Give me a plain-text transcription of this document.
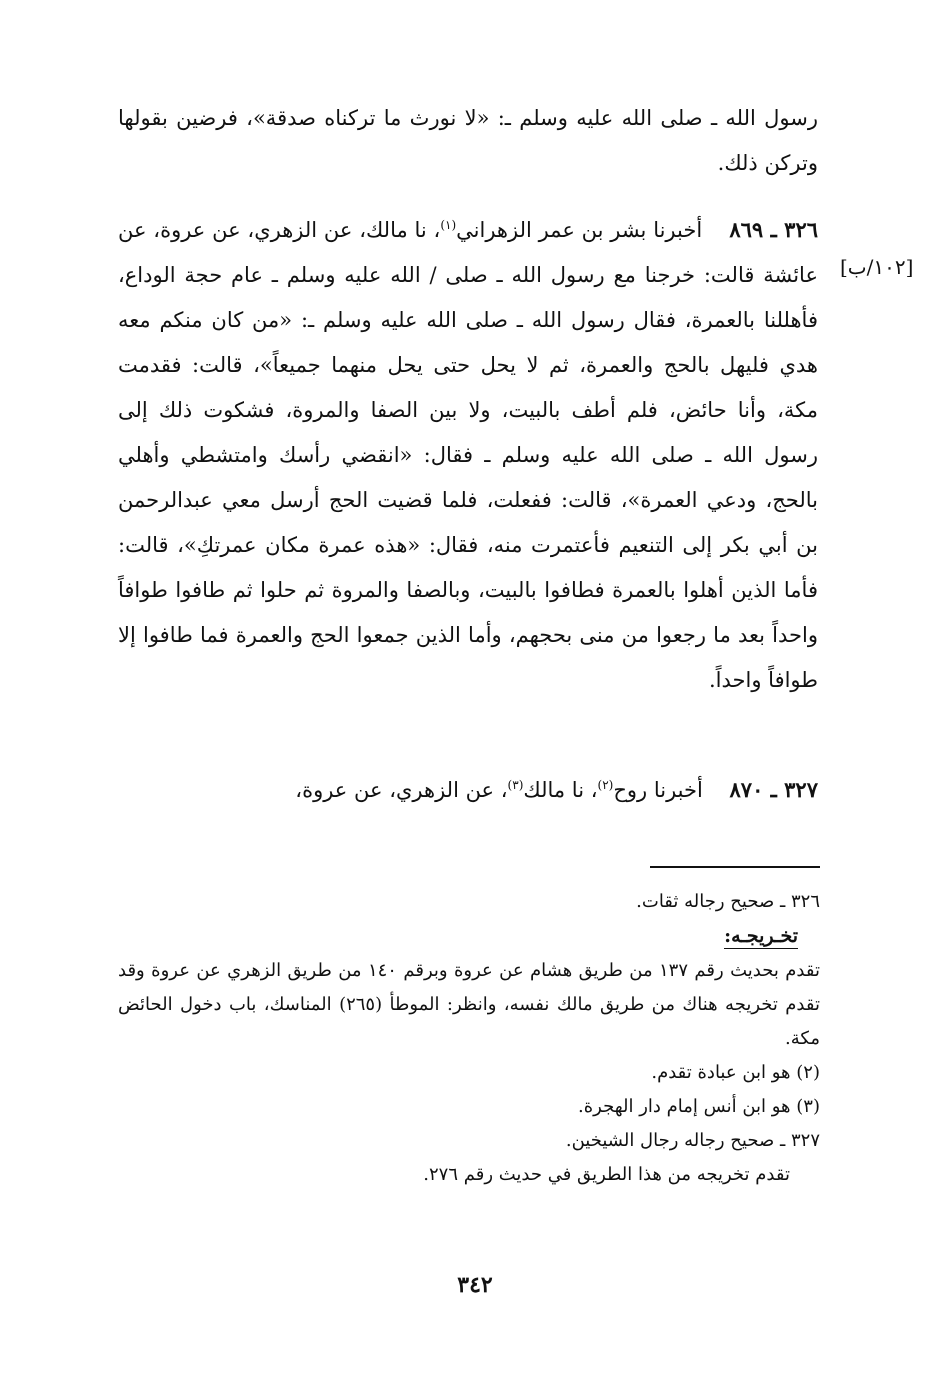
[١٠٢/ب]

رسول الله ـ صلى الله عليه وسلم ـ: «لا نورث ما تركناه صدقة»، فرضين بقولها وتركن ذلك.

٣٢٦ ـ ٨٦٩    أخبرنا بشر بن عمر الزهراني$^{(١)}$، نا مالك، عن الزهري، عن عروة، عن عائشة قالت: خرجنا مع رسول الله ـ صلى / الله عليه وسلم ـ عام حجة الوداع، فأهللنا بالعمرة، فقال رسول الله ـ صلى الله عليه وسلم ـ: «من كان منكم معه هدي فليهل بالحج والعمرة، ثم لا يحل حتى يحل منهما جميعاً»، قالت: فقدمت مكة، وأنا حائض، فلم أطف بالبيت، ولا بين الصفا والمروة، فشكوت ذلك إلى رسول الله ـ صلى الله عليه وسلم ـ فقال: «انقضي رأسك وامتشطي وأهلي بالحج، ودعي العمرة»، قالت: ففعلت، فلما قضيت الحج أرسل معي عبدالرحمن بن أبي بكر إلى التنعيم فأعتمرت منه، فقال: «هذه عمرة مكان عمرتكِ»، قالت: فأما الذين أهلوا بالعمرة فطافوا بالبيت، وبالصفا والمروة ثم حلوا ثم طافوا طوافاً واحداً بعد ما رجعوا من منى بحجهم، وأما الذين جمعوا الحج والعمرة فما طافوا إلا طوافاً واحداً.

٣٢٧ ـ ٨٧٠    أخبرنا روح$^{(٢)}$، نا مالك$^{(٣)}$، عن الزهري، عن عروة،

٣٢٦ ـ صحيح رجاله ثقات.

تخـريجـه:

تقدم بحديث رقم ١٣٧ من طريق هشام عن عروة وبرقم ١٤٠ من طريق الزهري عن عروة وقد تقدم تخريجه هناك من طريق مالك نفسه، وانظر: الموطأ (٢٦٥) المناسك، باب دخول الحائض مكة.

(٢) هو ابن عبادة تقدم.

(٣) هو ابن أنس إمام دار الهجرة.

٣٢٧ ـ صحيح رجاله رجال الشيخين.

تقدم تخريجه من هذا الطريق في حديث رقم ٢٧٦.

٣٤٢
